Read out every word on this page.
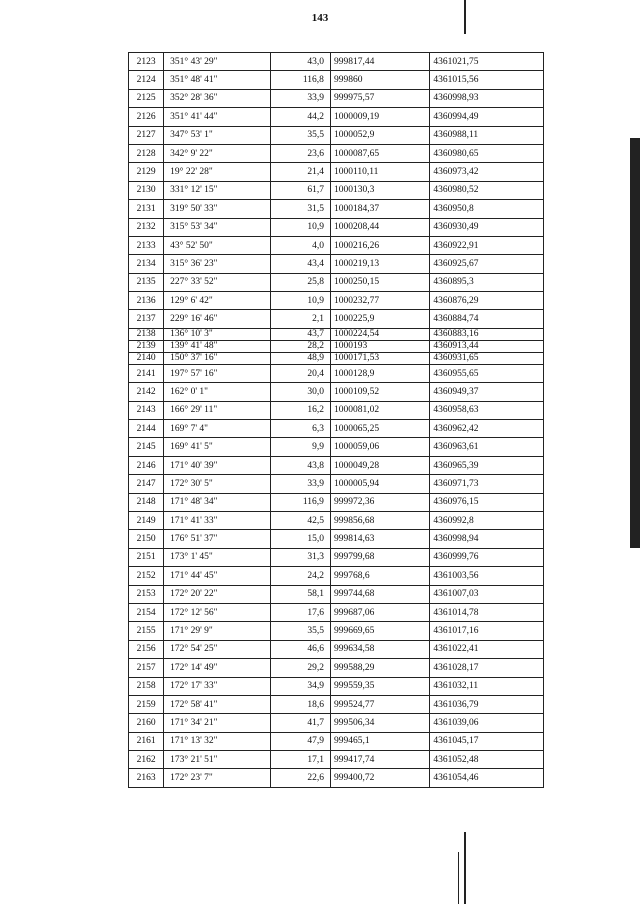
143
2123	351° 43' 29"	43,0	999817,44	4361021,75
2124	351° 48' 41"	116,8	999860	4361015,56
2125	352° 28' 36"	33,9	999975,57	4360998,93
2126	351° 41' 44"	44,2	1000009,19	4360994,49
2127	347° 53' 1"	35,5	1000052,9	4360988,11
2128	342° 9' 22"	23,6	1000087,65	4360980,65
2129	19° 22' 28"	21,4	1000110,11	4360973,42
2130	331° 12' 15"	61,7	1000130,3	4360980,52
2131	319° 50' 33"	31,5	1000184,37	4360950,8
2132	315° 53' 34"	10,9	1000208,44	4360930,49
2133	43° 52' 50"	4,0	1000216,26	4360922,91
2134	315° 36' 23"	43,4	1000219,13	4360925,67
2135	227° 33' 52"	25,8	1000250,15	4360895,3
2136	129° 6' 42"	10,9	1000232,77	4360876,29
2137	229° 16' 46"	2,1	1000225,9	4360884,74
2138	136° 10' 3"	43,7	1000224,54	4360883,16
2139	139° 41' 48"	28,2	1000193	4360913,44
2140	150° 37' 16"	48,9	1000171,53	4360931,65
2141	197° 57' 16"	20,4	1000128,9	4360955,65
2142	162° 0' 1"	30,0	1000109,52	4360949,37
2143	166° 29' 11"	16,2	1000081,02	4360958,63
2144	169° 7' 4"	6,3	1000065,25	4360962,42
2145	169° 41' 5"	9,9	1000059,06	4360963,61
2146	171° 40' 39"	43,8	1000049,28	4360965,39
2147	172° 30' 5"	33,9	1000005,94	4360971,73
2148	171° 48' 34"	116,9	999972,36	4360976,15
2149	171° 41' 33"	42,5	999856,68	4360992,8
2150	176° 51' 37"	15,0	999814,63	4360998,94
2151	173° 1' 45"	31,3	999799,68	4360999,76
2152	171° 44' 45"	24,2	999768,6	4361003,56
2153	172° 20' 22"	58,1	999744,68	4361007,03
2154	172° 12' 56"	17,6	999687,06	4361014,78
2155	171° 29' 9"	35,5	999669,65	4361017,16
2156	172° 54' 25"	46,6	999634,58	4361022,41
2157	172° 14' 49"	29,2	999588,29	4361028,17
2158	172° 17' 33"	34,9	999559,35	4361032,11
2159	172° 58' 41"	18,6	999524,77	4361036,79
2160	171° 34' 21"	41,7	999506,34	4361039,06
2161	171° 13' 32"	47,9	999465,1	4361045,17
2162	173° 21' 51"	17,1	999417,74	4361052,48
2163	172° 23' 7"	22,6	999400,72	4361054,46
